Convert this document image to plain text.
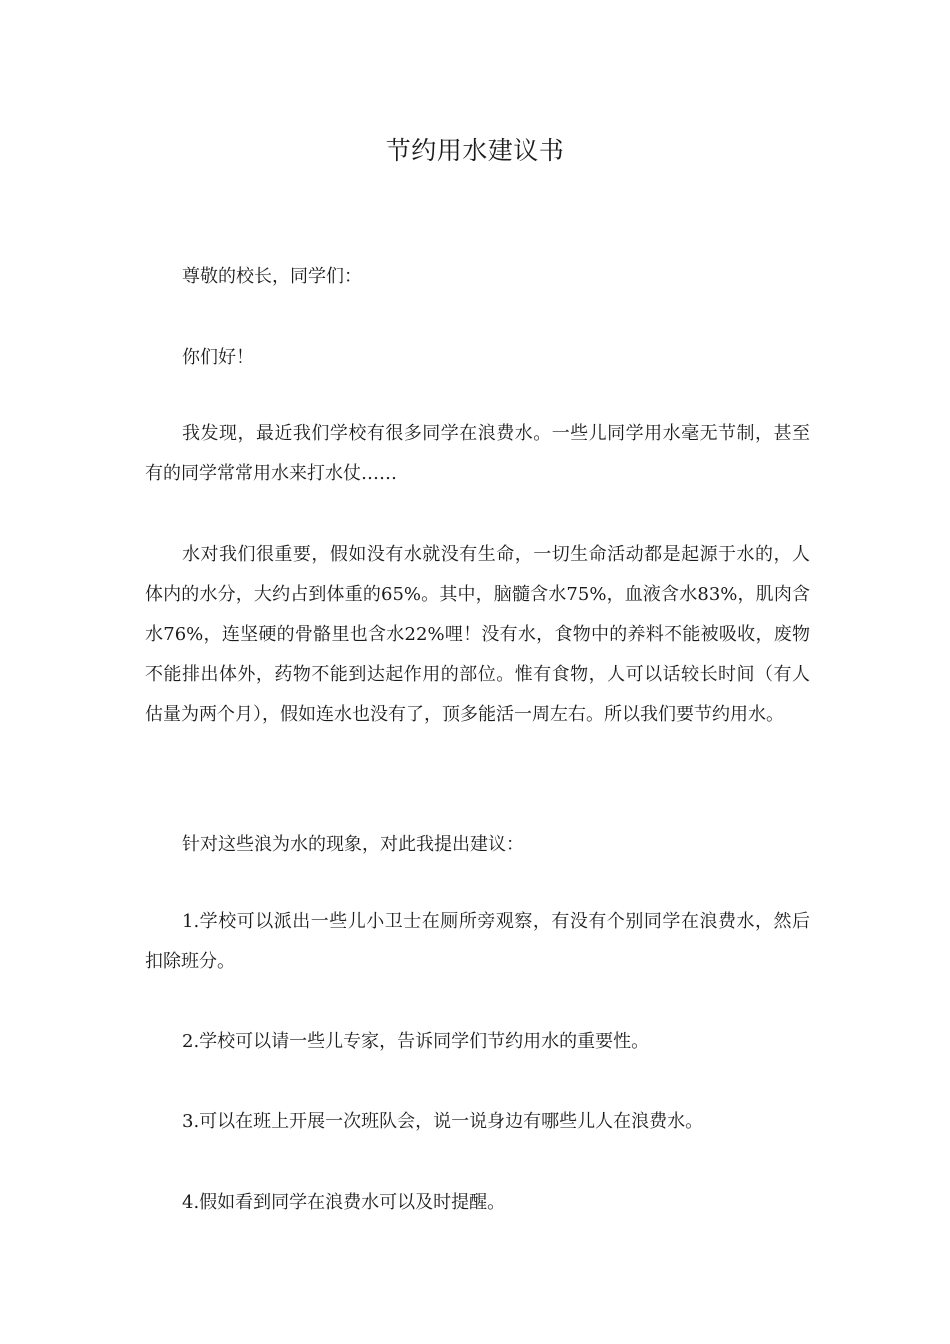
节约用水建议书

尊敬的校长，同学们：

你们好！

我发现，最近我们学校有很多同学在浪费水。一些儿同学用水毫无节制，甚至有的同学常常用水来打水仗……

水对我们很重要，假如没有水就没有生命，一切生命活动都是起源于水的，人体内的水分，大约占到体重的65%。其中，脑髓含水75%，血液含水83%，肌肉含水76%，连坚硬的骨骼里也含水22%哩！没有水，食物中的养料不能被吸收，废物不能排出体外，药物不能到达起作用的部位。惟有食物，人可以话较长时间（有人估量为两个月），假如连水也没有了，顶多能活一周左右。所以我们要节约用水。

针对这些浪为水的现象，对此我提出建议：

1.学校可以派出一些儿小卫士在厕所旁观察，有没有个别同学在浪费水，然后扣除班分。

2.学校可以请一些儿专家，告诉同学们节约用水的重要性。

3.可以在班上开展一次班队会，说一说身边有哪些儿人在浪费水。

4.假如看到同学在浪费水可以及时提醒。
